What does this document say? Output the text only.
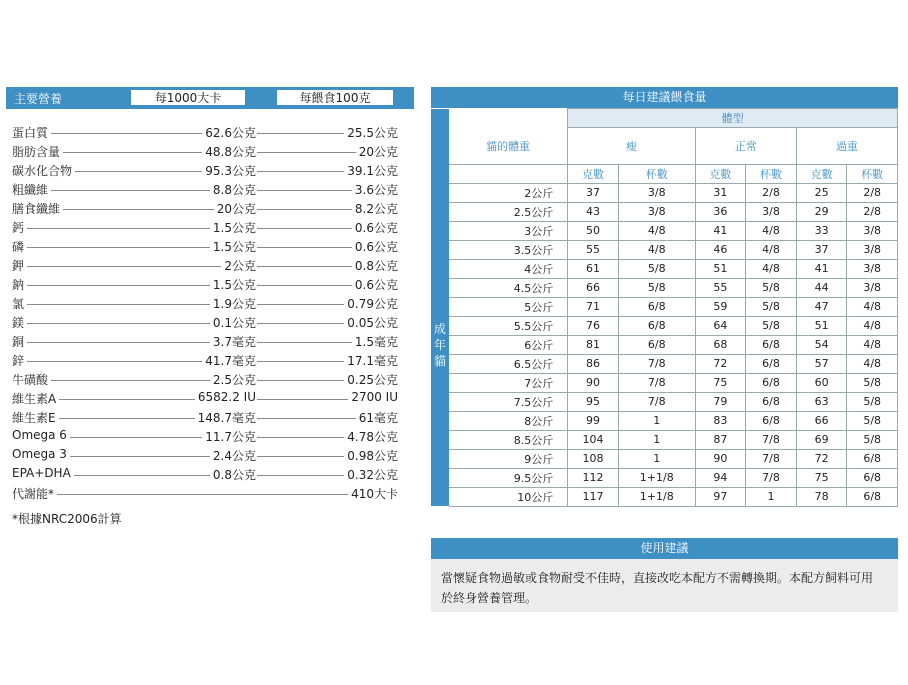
主要營養	每1000大卡	每餵食100克
蛋白質	62.6公克	25.5公克
脂肪含量	48.8公克	20公克
碳水化合物	95.3公克	39.1公克
粗纖維	8.8公克	3.6公克
膳食纖維	20公克	8.2公克
鈣	1.5公克	0.6公克
磷	1.5公克	0.6公克
鉀	2公克	0.8公克
鈉	1.5公克	0.6公克
氯	1.9公克	0.79公克
鎂	0.1公克	0.05公克
銅	3.7毫克	1.5毫克
鋅	41.7毫克	17.1毫克
牛磺酸	2.5公克	0.25公克
維生素A	6582.2 IU	2700 IU
維生素E	148.7毫克	61毫克
Omega 6	11.7公克	4.78公克
Omega 3	2.4公克	0.98公克
EPA+DHA	0.8公克	0.32公克
代謝能*	410大卡
*根據NRC2006計算
每日建議餵食量
		體型					
	貓的體重	瘦		正常		過重	
		克數	杯數	克數	杯數	克數	杯數
成年貓	2公斤	37	3/8	31	2/8	25	2/8
	2.5公斤	43	3/8	36	3/8	29	2/8
	3公斤	50	4/8	41	4/8	33	3/8
	3.5公斤	55	4/8	46	4/8	37	3/8
	4公斤	61	5/8	51	4/8	41	3/8
	4.5公斤	66	5/8	55	5/8	44	3/8
	5公斤	71	6/8	59	5/8	47	4/8
	5.5公斤	76	6/8	64	5/8	51	4/8
	6公斤	81	6/8	68	6/8	54	4/8
	6.5公斤	86	7/8	72	6/8	57	4/8
	7公斤	90	7/8	75	6/8	60	5/8
	7.5公斤	95	7/8	79	6/8	63	5/8
	8公斤	99	1	83	6/8	66	5/8
	8.5公斤	104	1	87	7/8	69	5/8
	9公斤	108	1	90	7/8	72	6/8
	9.5公斤	112	1+1/8	94	7/8	75	6/8
	10公斤	117	1+1/8	97	1	78	6/8
使用建議
當懷疑食物過敏或食物耐受不佳時，直接改吃本配方不需轉換期。本配方飼料可用於終身營養管理。
